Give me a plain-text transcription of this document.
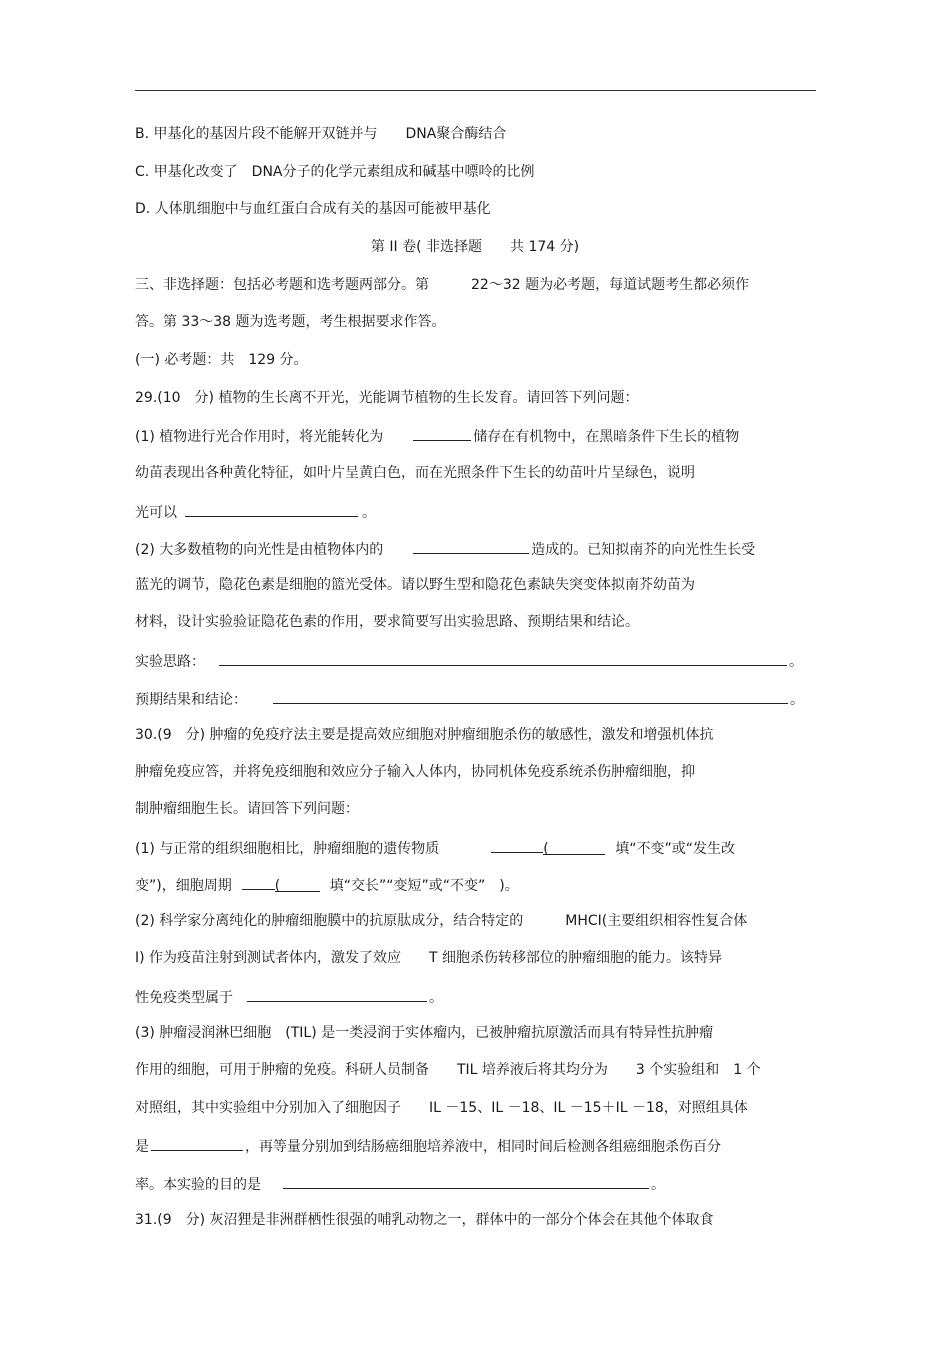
B. 甲基化的基因片段不能解开双链并与　　DNA聚合酶结合
C. 甲基化改变了　DNA分子的化学元素组成和碱基中嘌呤的比例
D. 人体肌细胞中与血红蛋白合成有关的基因可能被甲基化
第 II 卷( 非选择题　　共 174 分)
三、非选择题：包括必考题和选考题两部分。第　　　22～32 题为必考题，每道试题考生都必须作
答。第 33～38 题为选考题，考生根据要求作答。
(一) 必考题：共　129 分。
29.(10　分) 植物的生长离不开光，光能调节植物的生长发育。请回答下列问题：
(1) 植物进行光合作用时，将光能转化为	储存在有机物中，在黑暗条件下生长的植物
幼苗表现出各种黄化特征，如叶片呈黄白色，而在光照条件下生长的幼苗叶片呈绿色，说明
光可以	。
(2) 大多数植物的向光性是由植物体内的	造成的。已知拟南芥的向光性生长受
蓝光的调节，隐花色素是细胞的篮光受体。请以野生型和隐花色素缺失突变体拟南芥幼苗为
材料，设计实验验证隐花色素的作用，要求简要写出实验思路、预期结果和结论。
实验思路：	。
预期结果和结论：	。
30.(9　分) 肿瘤的免疫疗法主要是提高效应细胞对肿瘤细胞杀伤的敏感性，激发和增强机体抗
肿瘤免疫应答，并将免疫细胞和效应分子输入人体内，协同机体免疫系统杀伤肿瘤细胞，抑
制肿瘤细胞生长。请回答下列问题：
(1) 与正常的组织细胞相比，肿瘤细胞的遗传物质	(	填“不变”或“发生改
变”)，细胞周期	(	填“交长”“变短”或“不变”　)。
(2) 科学家分离纯化的肿瘤细胞膜中的抗原肽成分，结合特定的　　　MHCI(主要组织相容性复合体
I) 作为疫苗注射到测试者体内，激发了效应　　T 细胞杀伤转移部位的肿瘤细胞的能力。该特异
性免疫类型属于	。
(3) 肿瘤浸润淋巴细胞　(TIL) 是一类浸润于实体瘤内，已被肿瘤抗原激活而具有特异性抗肿瘤
作用的细胞，可用于肿瘤的免疫。科研人员制备　　TIL 培养液后将其均分为　　3 个实验组和　1 个
对照组，其中实验组中分别加入了细胞因子　　IL －15、IL －18、IL －15＋IL －18，对照组具体
是	，再等量分别加到结肠癌细胞培养液中，相同时间后检测各组癌细胞杀伤百分
率。本实验的目的是	。
31.(9　分) 灰沼狸是非洲群栖性很强的哺乳动物之一，群体中的一部分个体会在其他个体取食
